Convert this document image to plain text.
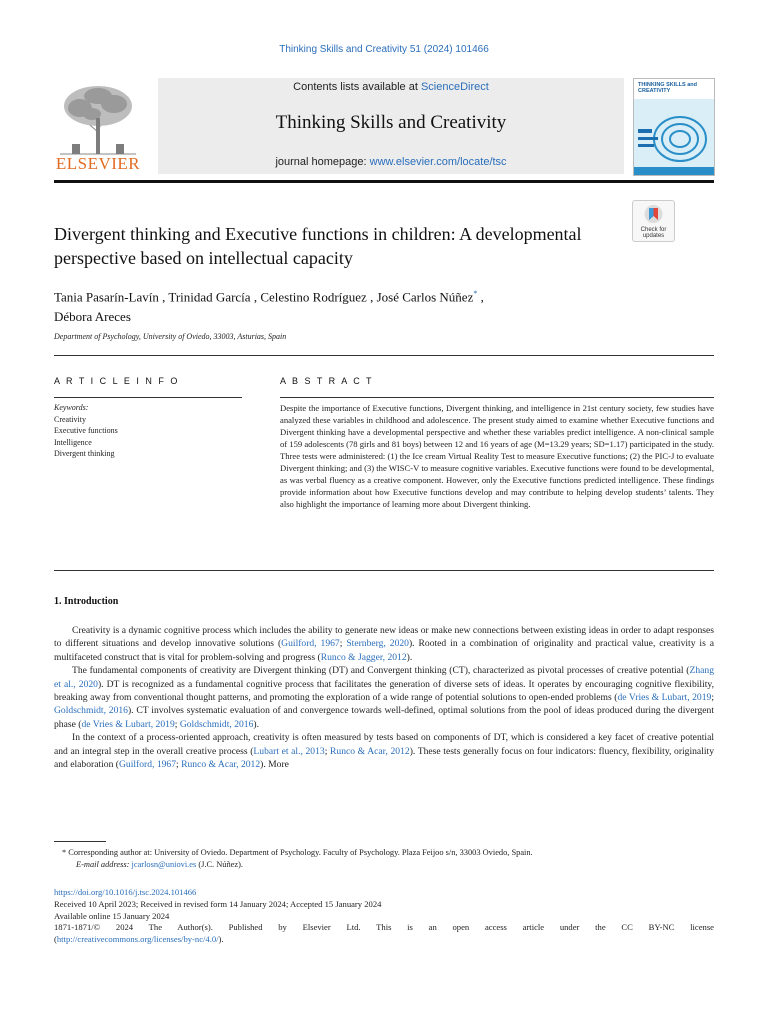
Thinking Skills and Creativity 51 (2024) 101466
ELSEVIER
Contents lists available at ScienceDirect
Thinking Skills and Creativity
journal homepage: www.elsevier.com/locate/tsc
THINKING SKILLS and CREATIVITY
Divergent thinking and Executive functions in children: A developmental perspective based on intellectual capacity
Check for
updates
Tania Pasarín-Lavín , Trinidad García , Celestino Rodríguez , José Carlos Núñez* ,
Débora Areces
Department of Psychology, University of Oviedo, 33003, Asturias, Spain
A R T I C L E I N F O
Keywords:
Creativity
Executive functions
Intelligence
Divergent thinking
A B S T R A C T
Despite the importance of Executive functions, Divergent thinking, and intelligence in 21st century society, few studies have analyzed these variables in childhood and adolescence. The present study aimed to examine whether Executive functions and Divergent thinking have a developmental perspective and whether these variables predict intelligence. A non-clinical sample of 159 adolescents (78 girls and 81 boys) between 12 and 16 years of age (M=13.29 years; SD=1.17) participated in the study. Three tests were administered: (1) the Ice cream Virtual Reality Test to measure Executive functions; (2) the PIC-J to evaluate Divergent thinking; and (3) the WISC-V to measure cognitive variables. Executive functions were found to be developmental, as was verbal fluency as a creative component. However, only the Executive functions predicted intelligence. These findings provide information about how Executive functions develop and may contribute to helping develop students’ talents. They also highlight the importance of learning more about Divergent thinking.
1. Introduction

Creativity is a dynamic cognitive process which includes the ability to generate new ideas or make new connections between existing ideas in order to adapt responses to different situations and develop innovative solutions (Guilford, 1967; Sternberg, 2020). Rooted in a combination of originality and practical value, creativity is a multifaceted construct that is vital for problem-solving and progress (Runco & Jagger, 2012).

The fundamental components of creativity are Divergent thinking (DT) and Convergent thinking (CT), characterized as pivotal processes of creative potential (Zhang et al., 2020). DT is recognized as a fundamental cognitive process that facilitates the generation of diverse sets of ideas. It operates by encouraging cognitive flexibility, breaking away from conventional thought patterns, and promoting the exploration of a wide range of potential solutions to open-ended problems (de Vries & Lubart, 2019; Goldschmidt, 2016). CT involves systematic evaluation of and convergence towards well-defined, optimal solutions from the pool of ideas produced during the divergent phase (de Vries & Lubart, 2019; Goldschmidt, 2016).

In the context of a process-oriented approach, creativity is often measured by tests based on components of DT, which is considered a key facet of creative potential and an integral step in the overall creative process (Lubart et al., 2013; Runco & Acar, 2012). These tests generally focus on four indicators: fluency, flexibility, originality and elaboration (Guilford, 1967; Runco & Acar, 2012). More

* Corresponding author at: University of Oviedo. Department of Psychology. Faculty of Psychology. Plaza Feijoo s/n, 33003 Oviedo, Spain.
E-mail address: jcarlosn@uniovi.es (J.C. Núñez).
https://doi.org/10.1016/j.tsc.2024.101466
Received 10 April 2023; Received in revised form 14 January 2024; Accepted 15 January 2024
Available online 15 January 2024
1871-1871/© 2024 The Author(s). Published by Elsevier Ltd. This is an open access article under the CC BY-NC license
(http://creativecommons.org/licenses/by-nc/4.0/).
